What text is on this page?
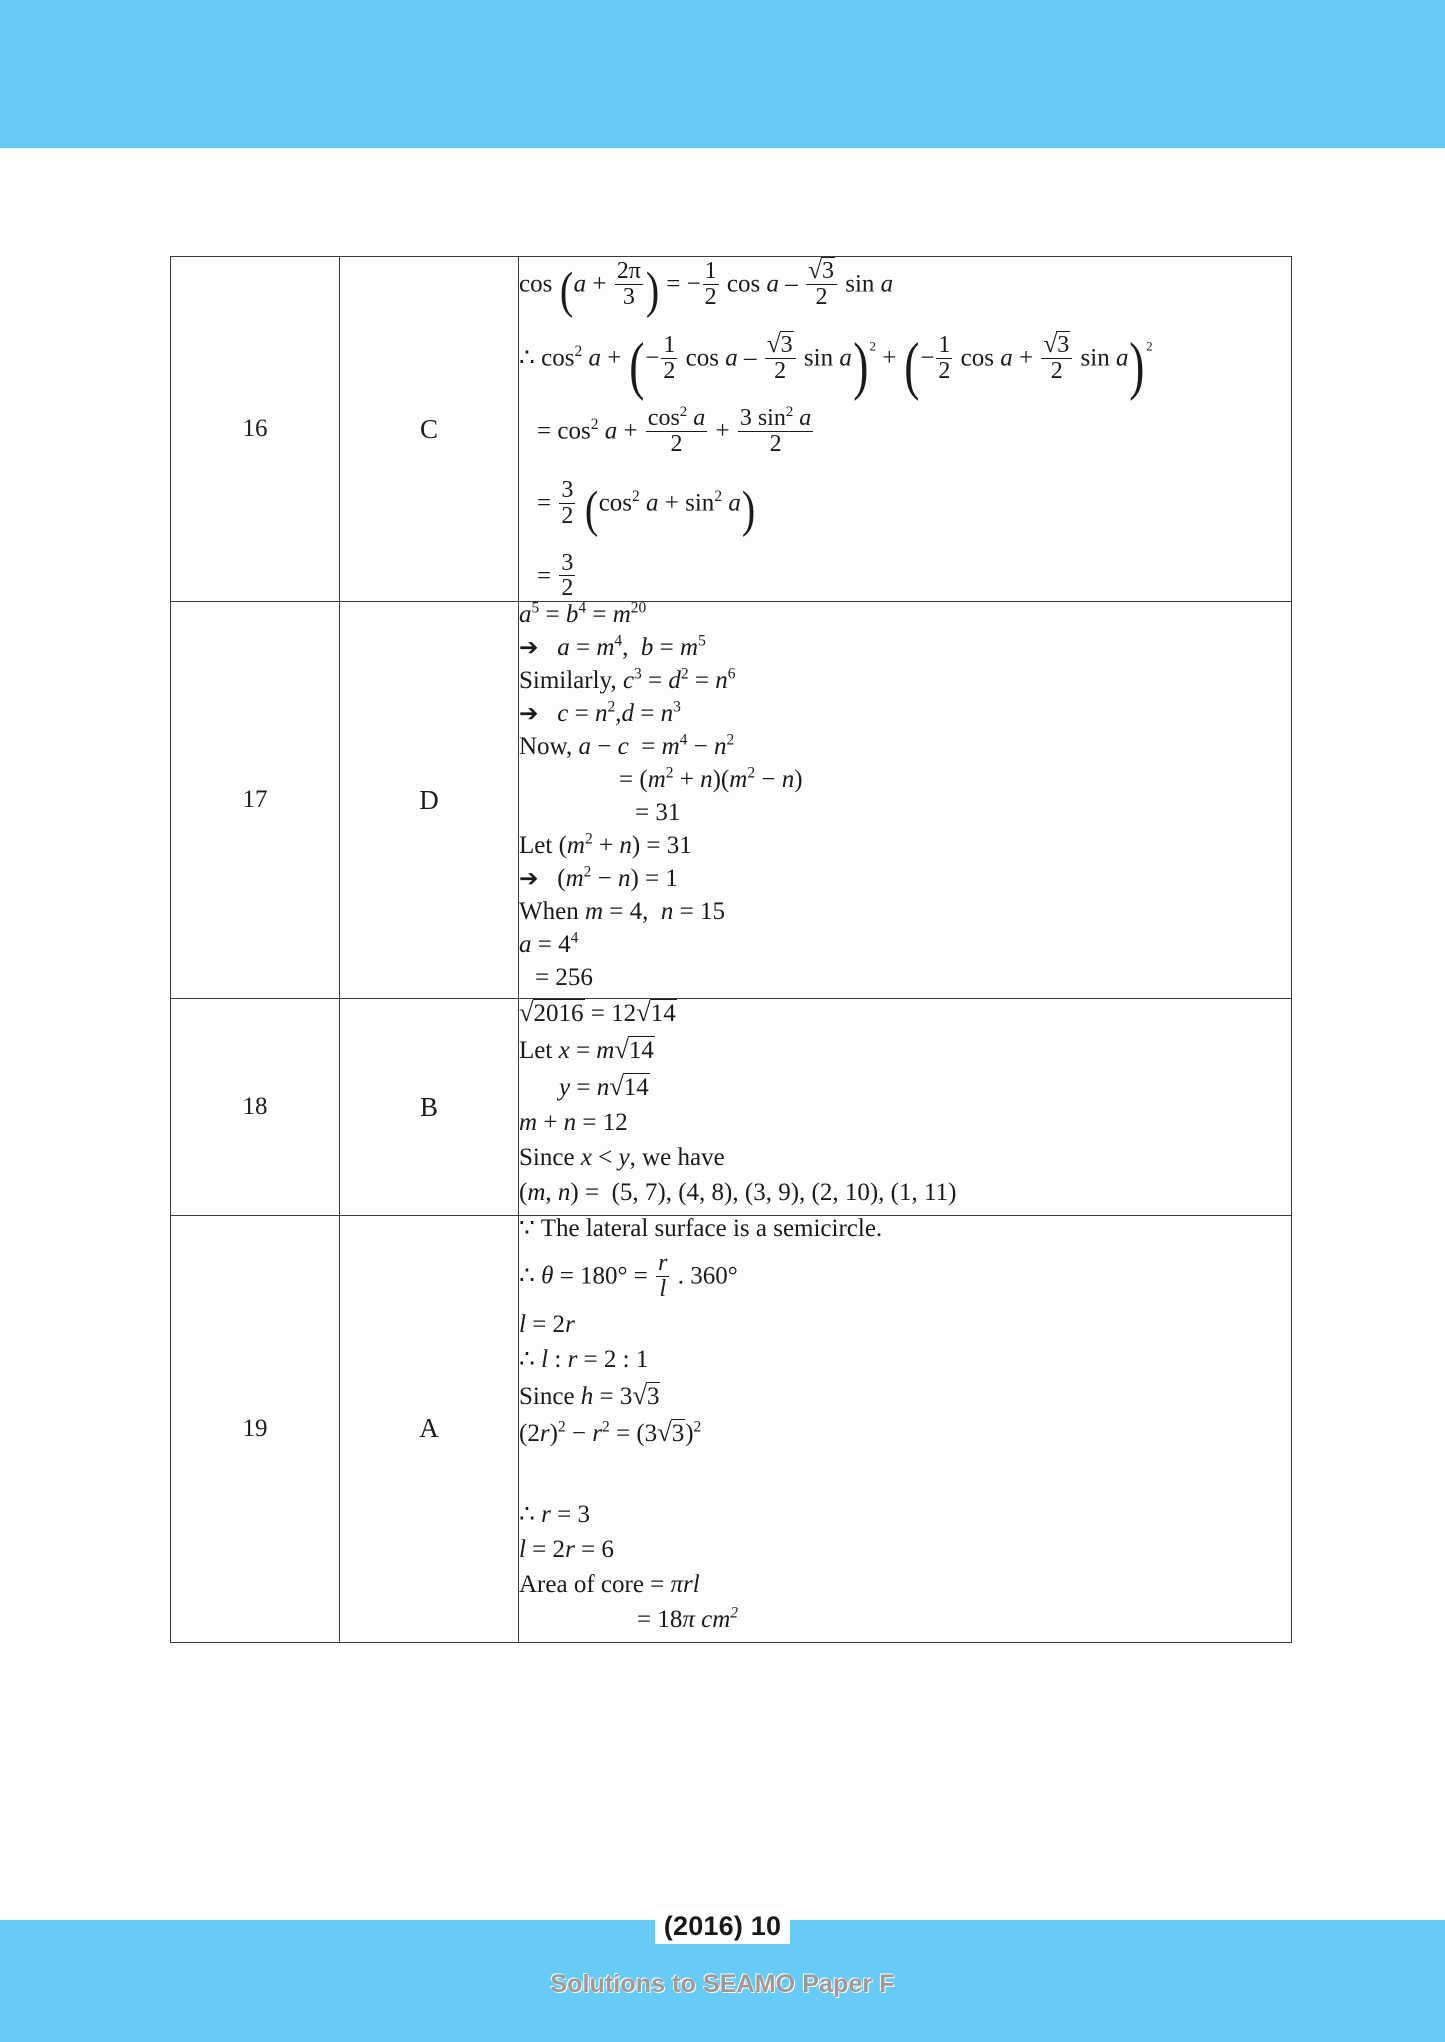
16	C	
$\cos (a + \frac{2\pi}{3}$ ) = − $\frac{1}{2}$ cos a – $\frac{√3}{2}$ sin a
∴ $\cos^2 a$ + (− $\frac{1}{2}$ cos a – $\frac{√3}{2}$ sin a)$^2$ + (− $\frac{1}{2}$ $\cos a + \frac{√3}{2}$ sin a)$^2$
= $\cos^2 a + \frac{\cos^2 a}{2} + \frac{3 \sin^2 a}{2}$
= $\frac{3}{2} (\cos^2$ $a + \sin^2 a$)
= $\frac{3}{2}$

17	D	
$a^5 = b^4 = m^{20}$
➔ $a = m^4$,  $b = m^5$
Similarly, $c^3 = d^2 = n^6$
➔ $c = n^2,d = n^3$
Now, $a - c = m^4 - n^2$
= $(m^2 + n)(m^2 - n)$
= 31
Let $(m^2 + n) = 31$
➔   $(m^2 - n) = 1$
When m = 4,  n = 15
$a = 4^4$
= 256

18	B	
√2016 = 12√14
Let x = m√14
y = n√14
m + n = 12
Since x < y, we have
(m, n) =  (5, 7), (4, 8), (3, 9), (2, 10), (1, 11)

19	A	
∵ The lateral surface is a semicircle.
∴ $\theta = 180^\circ = \frac{r}{l}$ . 360°
l = 2r
∴ l : r = 2 : 1
Since h = 3√3
$(2r)^2 - r^2 = (3√3)^2$
∴ r = 3
l = 2r = 6
Area of core = πrl
= 18π $cm^2$
(2016) 10
Solutions to SEAMO Paper F
